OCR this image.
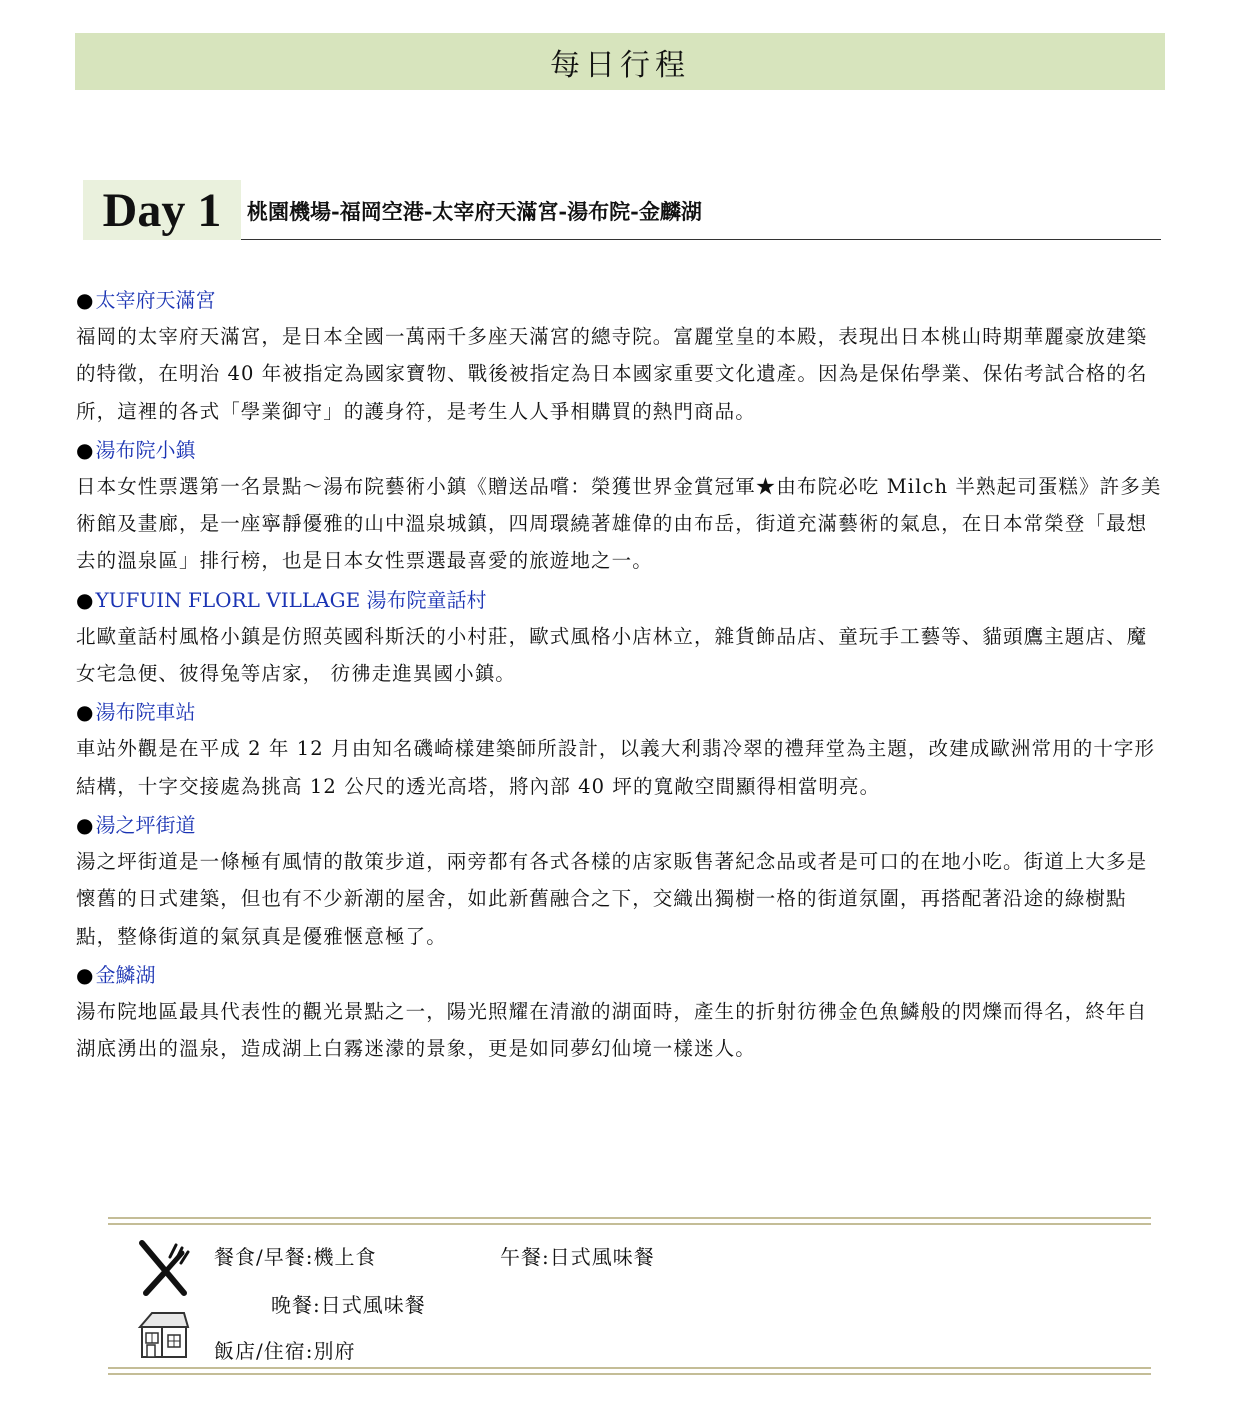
每日行程
Day 1	桃園機場-福岡空港-太宰府天滿宮-湯布院-金麟湖
● 太宰府天滿宮
福岡的太宰府天滿宮，是日本全國一萬兩千多座天滿宮的總寺院。富麗堂皇的本殿，表現出日本桃山時期華麗豪放建築的特徵，在明治 40 年被指定為國家寶物、戰後被指定為日本國家重要文化遺產。因為是保佑學業、保佑考試合格的名所，這裡的各式「學業御守」的護身符，是考生人人爭相購買的熱門商品。
● 湯布院小鎮
日本女性票選第一名景點～湯布院藝術小鎮《贈送品嚐：榮獲世界金賞冠軍★由布院必吃 Milch 半熟起司蛋糕》許多美術館及畫廊，是一座寧靜優雅的山中溫泉城鎮，四周環繞著雄偉的由布岳，街道充滿藝術的氣息，在日本常榮登「最想去的溫泉區」排行榜，也是日本女性票選最喜愛的旅遊地之一。
● YUFUIN FLORL VILLAGE 湯布院童話村
北歐童話村風格小鎮是仿照英國科斯沃的小村莊，歐式風格小店林立，雜貨飾品店、童玩手工藝等、貓頭鷹主題店、魔女宅急便、彼得兔等店家， 彷彿走進異國小鎮。
● 湯布院車站
車站外觀是在平成 2 年 12 月由知名磯崎樣建築師所設計，以義大利翡冷翠的禮拜堂為主題，改建成歐洲常用的十字形結構，十字交接處為挑高 12 公尺的透光高塔，將內部 40 坪的寬敞空間顯得相當明亮。
● 湯之坪街道
湯之坪街道是一條極有風情的散策步道，兩旁都有各式各樣的店家販售著紀念品或者是可口的在地小吃。街道上大多是懷舊的日式建築，但也有不少新潮的屋舍，如此新舊融合之下，交織出獨樹一格的街道氛圍，再搭配著沿途的綠樹點點，整條街道的氣氛真是優雅愜意極了。
● 金鱗湖
湯布院地區最具代表性的觀光景點之一，陽光照耀在清澈的湖面時，產生的折射彷彿金色魚鱗般的閃爍而得名，終年自湖底湧出的溫泉，造成湖上白霧迷濛的景象，更是如同夢幻仙境一樣迷人。
餐食/早餐:機上食	午餐:日式風味餐
晚餐:日式風味餐
飯店/住宿:別府
